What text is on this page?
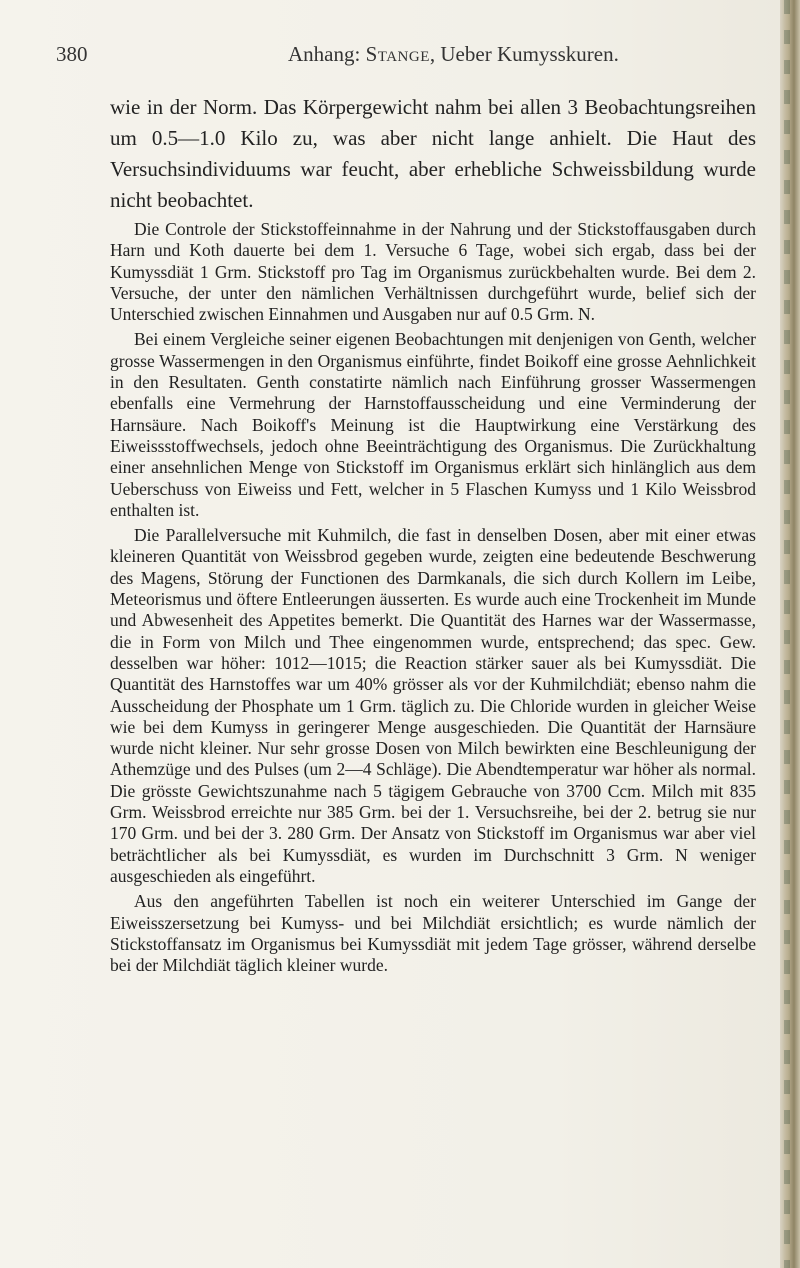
380	Anhang: Stange, Ueber Kumysskuren.

wie in der Norm. Das Körpergewicht nahm bei allen 3 Beobachtungsreihen um 0.5—1.0 Kilo zu, was aber nicht lange anhielt. Die Haut des Versuchsindividuums war feucht, aber erhebliche Schweissbildung wurde nicht beobachtet.

Die Controle der Stickstoffeinnahme in der Nahrung und der Stickstoffausgaben durch Harn und Koth dauerte bei dem 1. Versuche 6 Tage, wobei sich ergab, dass bei der Kumyssdiät 1 Grm. Stickstoff pro Tag im Organismus zurückbehalten wurde. Bei dem 2. Versuche, der unter den nämlichen Verhältnissen durchgeführt wurde, belief sich der Unterschied zwischen Einnahmen und Ausgaben nur auf 0.5 Grm. N.

Bei einem Vergleiche seiner eigenen Beobachtungen mit denjenigen von Genth, welcher grosse Wassermengen in den Organismus einführte, findet Boikoff eine grosse Aehnlichkeit in den Resultaten. Genth constatirte nämlich nach Einführung grosser Wassermengen ebenfalls eine Vermehrung der Harnstoffausscheidung und eine Verminderung der Harnsäure. Nach Boikoff's Meinung ist die Hauptwirkung eine Verstärkung des Eiweissstoffwechsels, jedoch ohne Beeinträchtigung des Organismus. Die Zurückhaltung einer ansehnlichen Menge von Stickstoff im Organismus erklärt sich hinlänglich aus dem Ueberschuss von Eiweiss und Fett, welcher in 5 Flaschen Kumyss und 1 Kilo Weissbrod enthalten ist.

Die Parallelversuche mit Kuhmilch, die fast in denselben Dosen, aber mit einer etwas kleineren Quantität von Weissbrod gegeben wurde, zeigten eine bedeutende Beschwerung des Magens, Störung der Functionen des Darmkanals, die sich durch Kollern im Leibe, Meteorismus und öftere Entleerungen äusserten. Es wurde auch eine Trockenheit im Munde und Abwesenheit des Appetites bemerkt. Die Quantität des Harnes war der Wassermasse, die in Form von Milch und Thee eingenommen wurde, entsprechend; das spec. Gew. desselben war höher: 1012—1015; die Reaction stärker sauer als bei Kumyssdiät. Die Quantität des Harnstoffes war um 40% grösser als vor der Kuhmilchdiät; ebenso nahm die Ausscheidung der Phosphate um 1 Grm. täglich zu. Die Chloride wurden in gleicher Weise wie bei dem Kumyss in geringerer Menge ausgeschieden. Die Quantität der Harnsäure wurde nicht kleiner. Nur sehr grosse Dosen von Milch bewirkten eine Beschleunigung der Athemzüge und des Pulses (um 2—4 Schläge). Die Abendtemperatur war höher als normal. Die grösste Gewichtszunahme nach 5 tägigem Gebrauche von 3700 Ccm. Milch mit 835 Grm. Weissbrod erreichte nur 385 Grm. bei der 1. Versuchsreihe, bei der 2. betrug sie nur 170 Grm. und bei der 3. 280 Grm. Der Ansatz von Stickstoff im Organismus war aber viel beträchtlicher als bei Kumyssdiät, es wurden im Durchschnitt 3 Grm. N weniger ausgeschieden als eingeführt.

Aus den angeführten Tabellen ist noch ein weiterer Unterschied im Gange der Eiweisszersetzung bei Kumyss- und bei Milchdiät ersichtlich; es wurde nämlich der Stickstoffansatz im Organismus bei Kumyssdiät mit jedem Tage grösser, während derselbe bei der Milchdiät täglich kleiner wurde.
